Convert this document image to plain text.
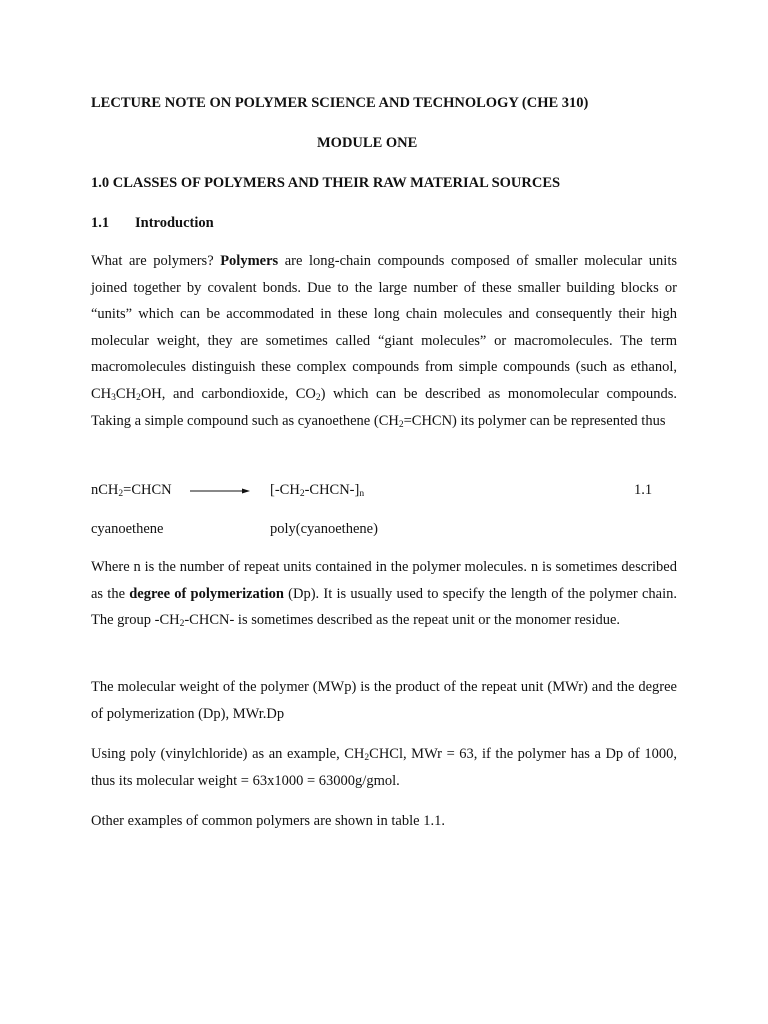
LECTURE NOTE ON POLYMER SCIENCE AND TECHNOLOGY (CHE 310)
MODULE ONE
1.0 CLASSES OF POLYMERS AND THEIR RAW MATERIAL SOURCES
1.1 Introduction

What are polymers? Polymers are long-chain compounds composed of smaller molecular units joined together by covalent bonds. Due to the large number of these smaller building blocks or “units” which can be accommodated in these long chain molecules and consequently their high molecular weight, they are sometimes called “giant molecules” or macromolecules. The term macromolecules distinguish these complex compounds from simple compounds (such as ethanol, $CH_3CH_2OH$, and carbondioxide, $CO_2$) which can be described as monomolecular compounds. Taking a simple compound such as cyanoethene $(CH_2=CHCN)$ its polymer can be represented thus

nCH$_2$=CHCN → $[-CH_2-CHCN-]_n$	1.1
cyanoethene	poly(cyanoethene)

Where n is the number of repeat units contained in the polymer molecules. n is sometimes described as the degree of polymerization (Dp). It is usually used to specify the length of the polymer chain. The group $-CH_2-CHCN-$ is sometimes described as the repeat unit or the monomer residue.

The molecular weight of the polymer (MWp) is the product of the repeat unit (MWr) and the degree of polymerization (Dp), MWr.Dp

Using poly (vinylchloride) as an example, $CH_2CHCl$, MWr = 63, if the polymer has a Dp of 1000, thus its molecular weight = 63x1000 = 63000g/gmol.

Other examples of common polymers are shown in table 1.1.
